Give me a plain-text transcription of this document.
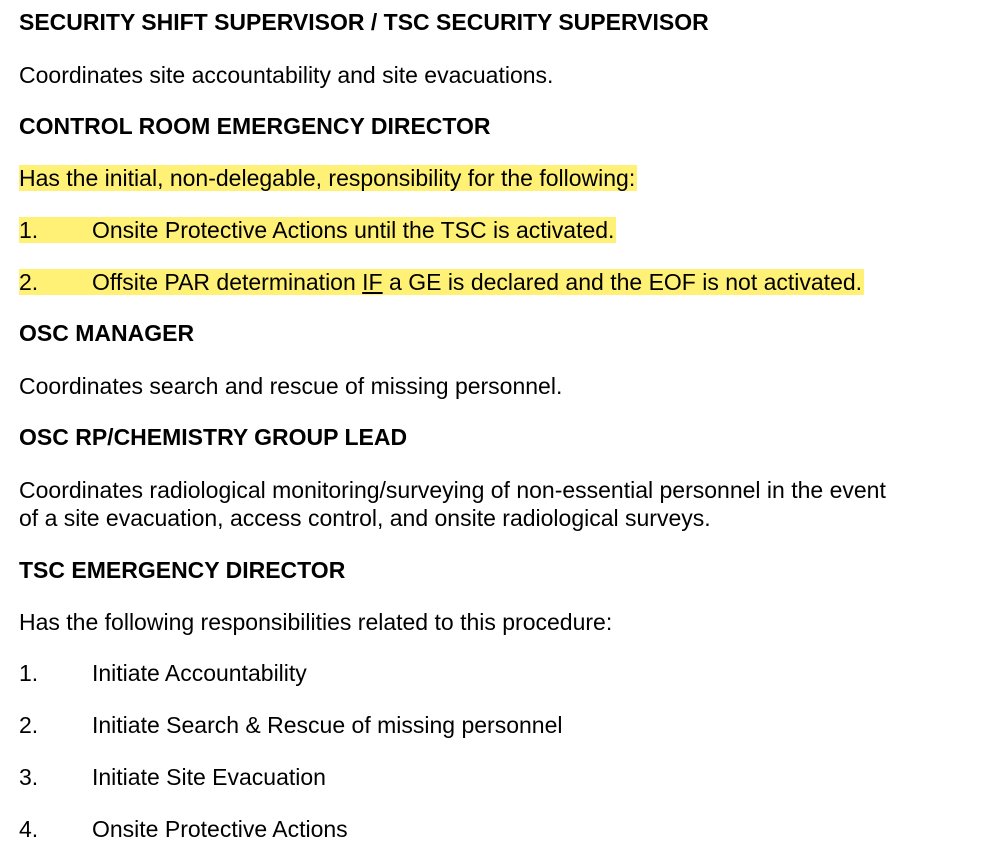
SECURITY SHIFT SUPERVISOR / TSC SECURITY SUPERVISOR
Coordinates site accountability and site evacuations.
CONTROL ROOM EMERGENCY DIRECTOR
Has the initial, non-delegable, responsibility for the following:
1. Onsite Protective Actions until the TSC is activated.
2. Offsite PAR determination IF a GE is declared and the EOF is not activated.
OSC MANAGER
Coordinates search and rescue of missing personnel.
OSC RP/CHEMISTRY GROUP LEAD
Coordinates radiological monitoring/surveying of non-essential personnel in the event
of a site evacuation, access control, and onsite radiological surveys.
TSC EMERGENCY DIRECTOR
Has the following responsibilities related to this procedure:
1. Initiate Accountability
2. Initiate Search & Rescue of missing personnel
3. Initiate Site Evacuation
4. Onsite Protective Actions
